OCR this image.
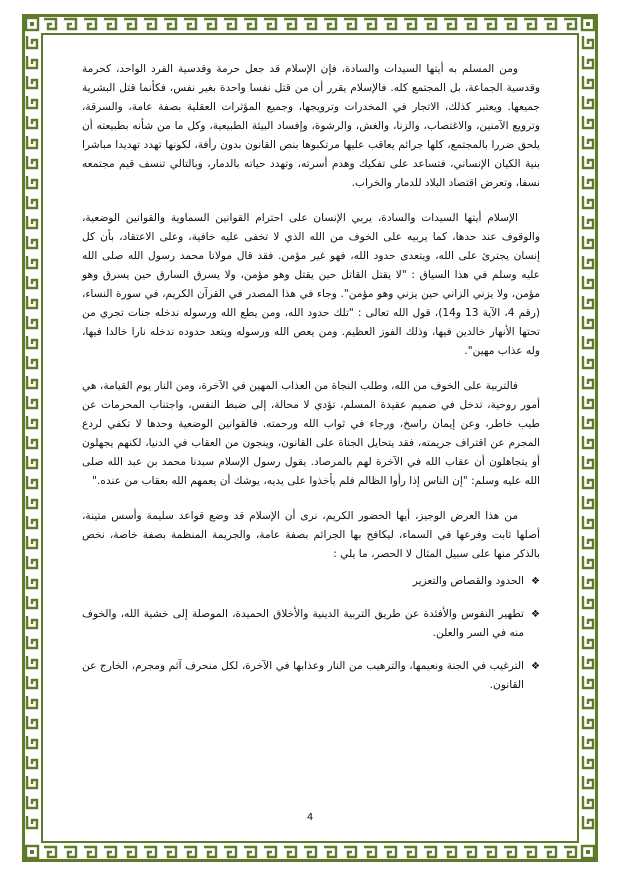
ومن المسلم به أيتها السيدات والسادة، فإن الإسلام قد جعل حرمة وقدسية الفرد الواحد، كحرمة وقدسية الجماعة، بل المجتمع كله. فالإسلام يقرر أن من قتل نفسا واحدة بغير نفس، فكأنما قتل البشرية جميعها. ويعتبر كذلك، الاتجار في المخدرات وترويجها، وجميع المؤثرات العقلية بصفة عامة، والسرقة، وترويع الآمنين، والاغتصاب، والزنا، والغش، والرشوة، وإفساد البيئة الطبيعية، وكل ما من شأنه بطبيعته أن يلحق ضررا بالمجتمع، كلها جرائم يعاقب عليها مرتكبوها بنص القانون بدون رأفة، لكونها تهدد تهديدا مباشرا بنية الكيان الإنساني، فتساعد على تفكيك وهدم أسرته، وتهدد حياته بالدمار، وبالتالي تنسف قيم مجتمعه نسفا، وتعرض اقتصاد البلاد للدمار والخراب.

الإسلام أيتها السيدات والسادة، يربي الإنسان على احترام القوانين السماوية والقوانين الوضعية، والوقوف عند حدها، كما يربيه على الخوف من الله الذي لا تخفى عليه خافية، وعلى الاعتقاد، بأن كل إنسان يجترئ على الله، ويتعدى حدود الله، فهو غير مؤمن. فقد قال مولانا محمد رسول الله صلى الله عليه وسلم في هذا السياق : "لا يقتل القاتل حين يقتل وهو مؤمن، ولا يسرق السارق حين يسرق وهو مؤمن، ولا يزني الزاني حين يزني وهو مؤمن". وجاء في هذا المصدر في القرآن الكريم، في سورة النساء، (رقم 4، الآية 13 و14)، قول الله تعالى : "تلك حدود الله، ومن يطع الله ورسوله ندخله جنات تجري من تحتها الأنهار خالدين فيها، وذلك الفوز العظيم. ومن يعص الله ورسوله ويتعد حدوده ندخله نارا خالدا فيها، وله عذاب مهين".

فالتربية على الخوف من الله، وطلب النجاة من العذاب المهين في الآخرة، ومن النار يوم القيامة، هي أمور روحية، تدخل في صميم عقيدة المسلم، تؤدي لا محالة، إلى ضبط النفس، واجتناب المحرمات عن طيب خاطر، وعن إيمان راسخ، ورجاء في ثواب الله ورحمته. فالقوانين الوضعية وحدها لا تكفي لردع المجرم عن اقتراف جريمته، فقد يتحايل الجناة على القانون، وينجون من العقاب في الدنيا، لكنهم يجهلون أو يتجاهلون أن عقاب الله في الآخرة لهم بالمرصاد. يقول رسول الإسلام سيدنا محمد بن عبد الله صلى الله عليه وسلم: "إن الناس إذا رأوا الظالم فلم يأخذوا على يديه، يوشك أن يعمهم الله بعقاب من عنده."

من هذا العرض الوجيز، أيها الحضور الكريم، نرى أن الإسلام قد وضع قواعد سليمة وأسس متينة، أصلها ثابت وفرعها في السماء، ليكافح بها الجرائم بصفة عامة، والجريمة المنظمة بصفة خاصة، نخص بالذكر منها على سبيل المثال لا الحصر، ما يلي :

❖
الحدود والقصاص والتعزير
❖
تطهير النفوس والأفئدة عن طريق التربية الدينية والأخلاق الحميدة، الموصلة إلى خشية الله، والخوف منه في السر والعلن.
❖
الترغيب في الجنة ونعيمها، والترهيب من النار وعذابها في الآخرة، لكل منحرف آثم ومجرم، الخارج عن القانون.
4
